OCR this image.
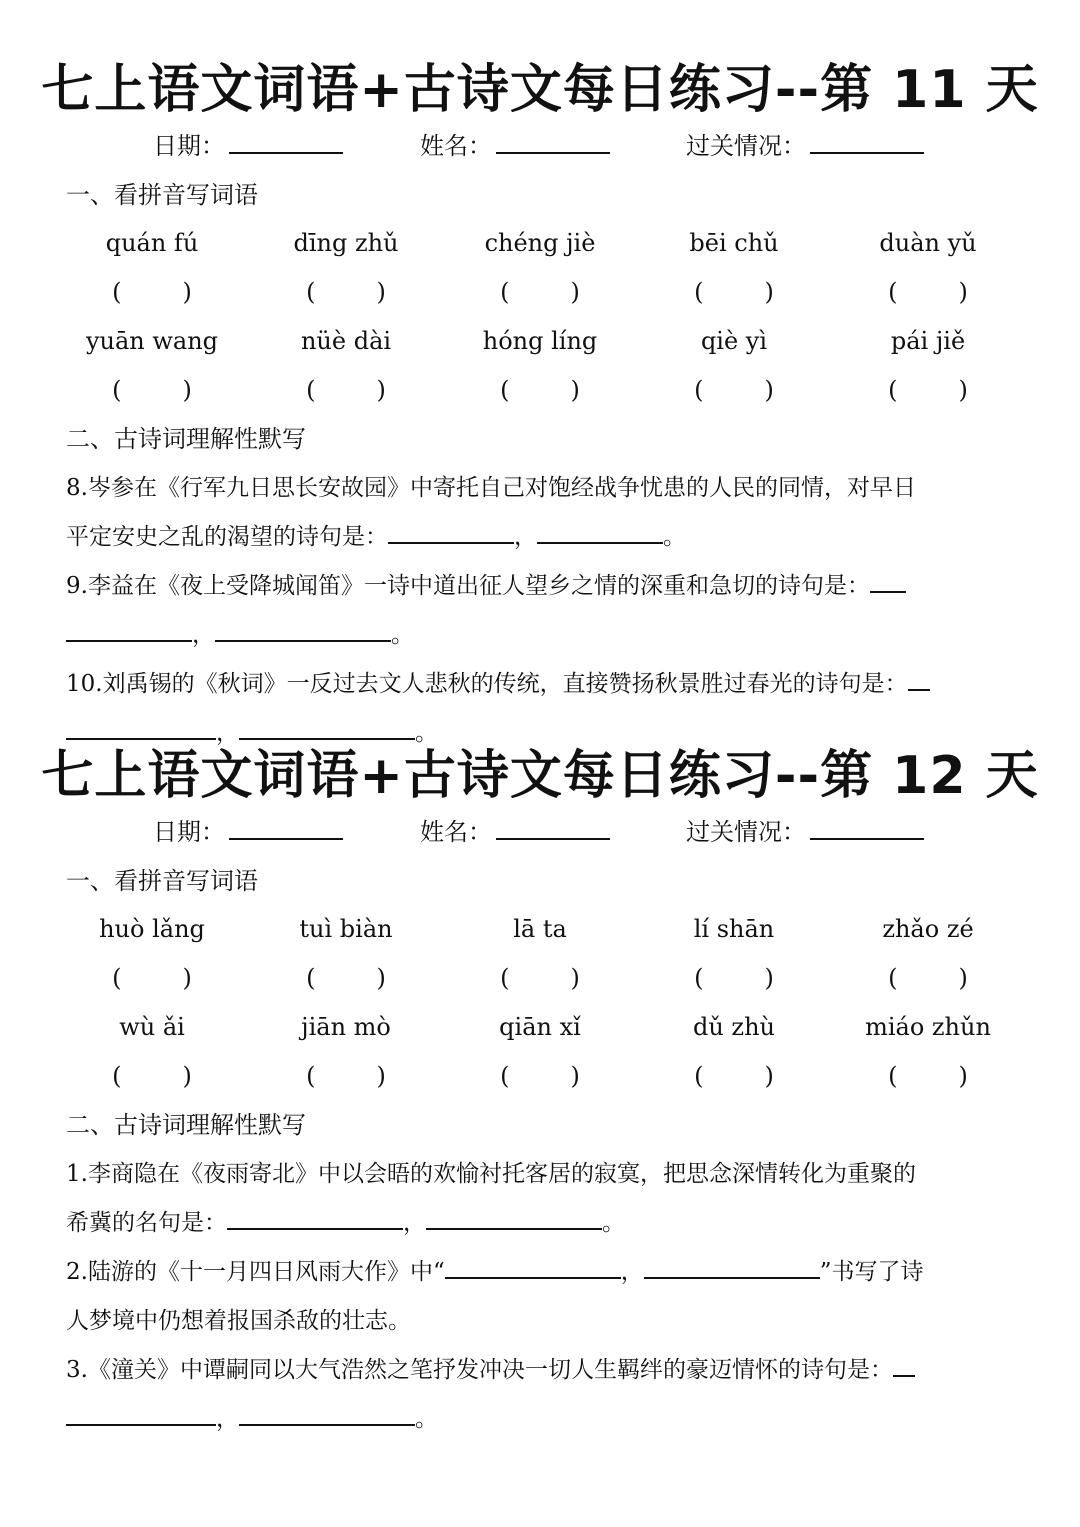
七上语文词语+古诗文每日练习--第 11 天
日期：	姓名：	过关情况：
一、看拼音写词语
quán fú	dīng zhǔ	chéng jiè	bēi chǔ	duàn yǔ
(        )	(        )	(        )	(        )	(        )
yuān wang	nüè dài	hóng líng	qiè yì	pái jiě
(        )	(        )	(        )	(        )	(        )
二、古诗词理解性默写
8.岑参在《行军九日思长安故园》中寄托自己对饱经战争忧患的人民的同情，对早日
平定安史之乱的渴望的诗句是：	，	。
9.李益在《夜上受降城闻笛》一诗中道出征人望乡之情的深重和急切的诗句是：
，	。
10.刘禹锡的《秋词》一反过去文人悲秋的传统，直接赞扬秋景胜过春光的诗句是：
，	。
七上语文词语+古诗文每日练习--第 12 天
日期：	姓名：	过关情况：
一、看拼音写词语
huò lǎng	tuì biàn	lā ta	lí shān	zhǎo zé
(        )	(        )	(        )	(        )	(        )
wù ǎi	jiān mò	qiān xǐ	dǔ zhù	miáo zhǔn
(        )	(        )	(        )	(        )	(        )
二、古诗词理解性默写
1.李商隐在《夜雨寄北》中以会晤的欢愉衬托客居的寂寞，把思念深情转化为重聚的
希冀的名句是：	，	。
2.陆游的《十一月四日风雨大作》中“	，	”书写了诗
人梦境中仍想着报国杀敌的壮志。
3.《潼关》中谭嗣同以大气浩然之笔抒发冲决一切人生羁绊的豪迈情怀的诗句是：
，	。
